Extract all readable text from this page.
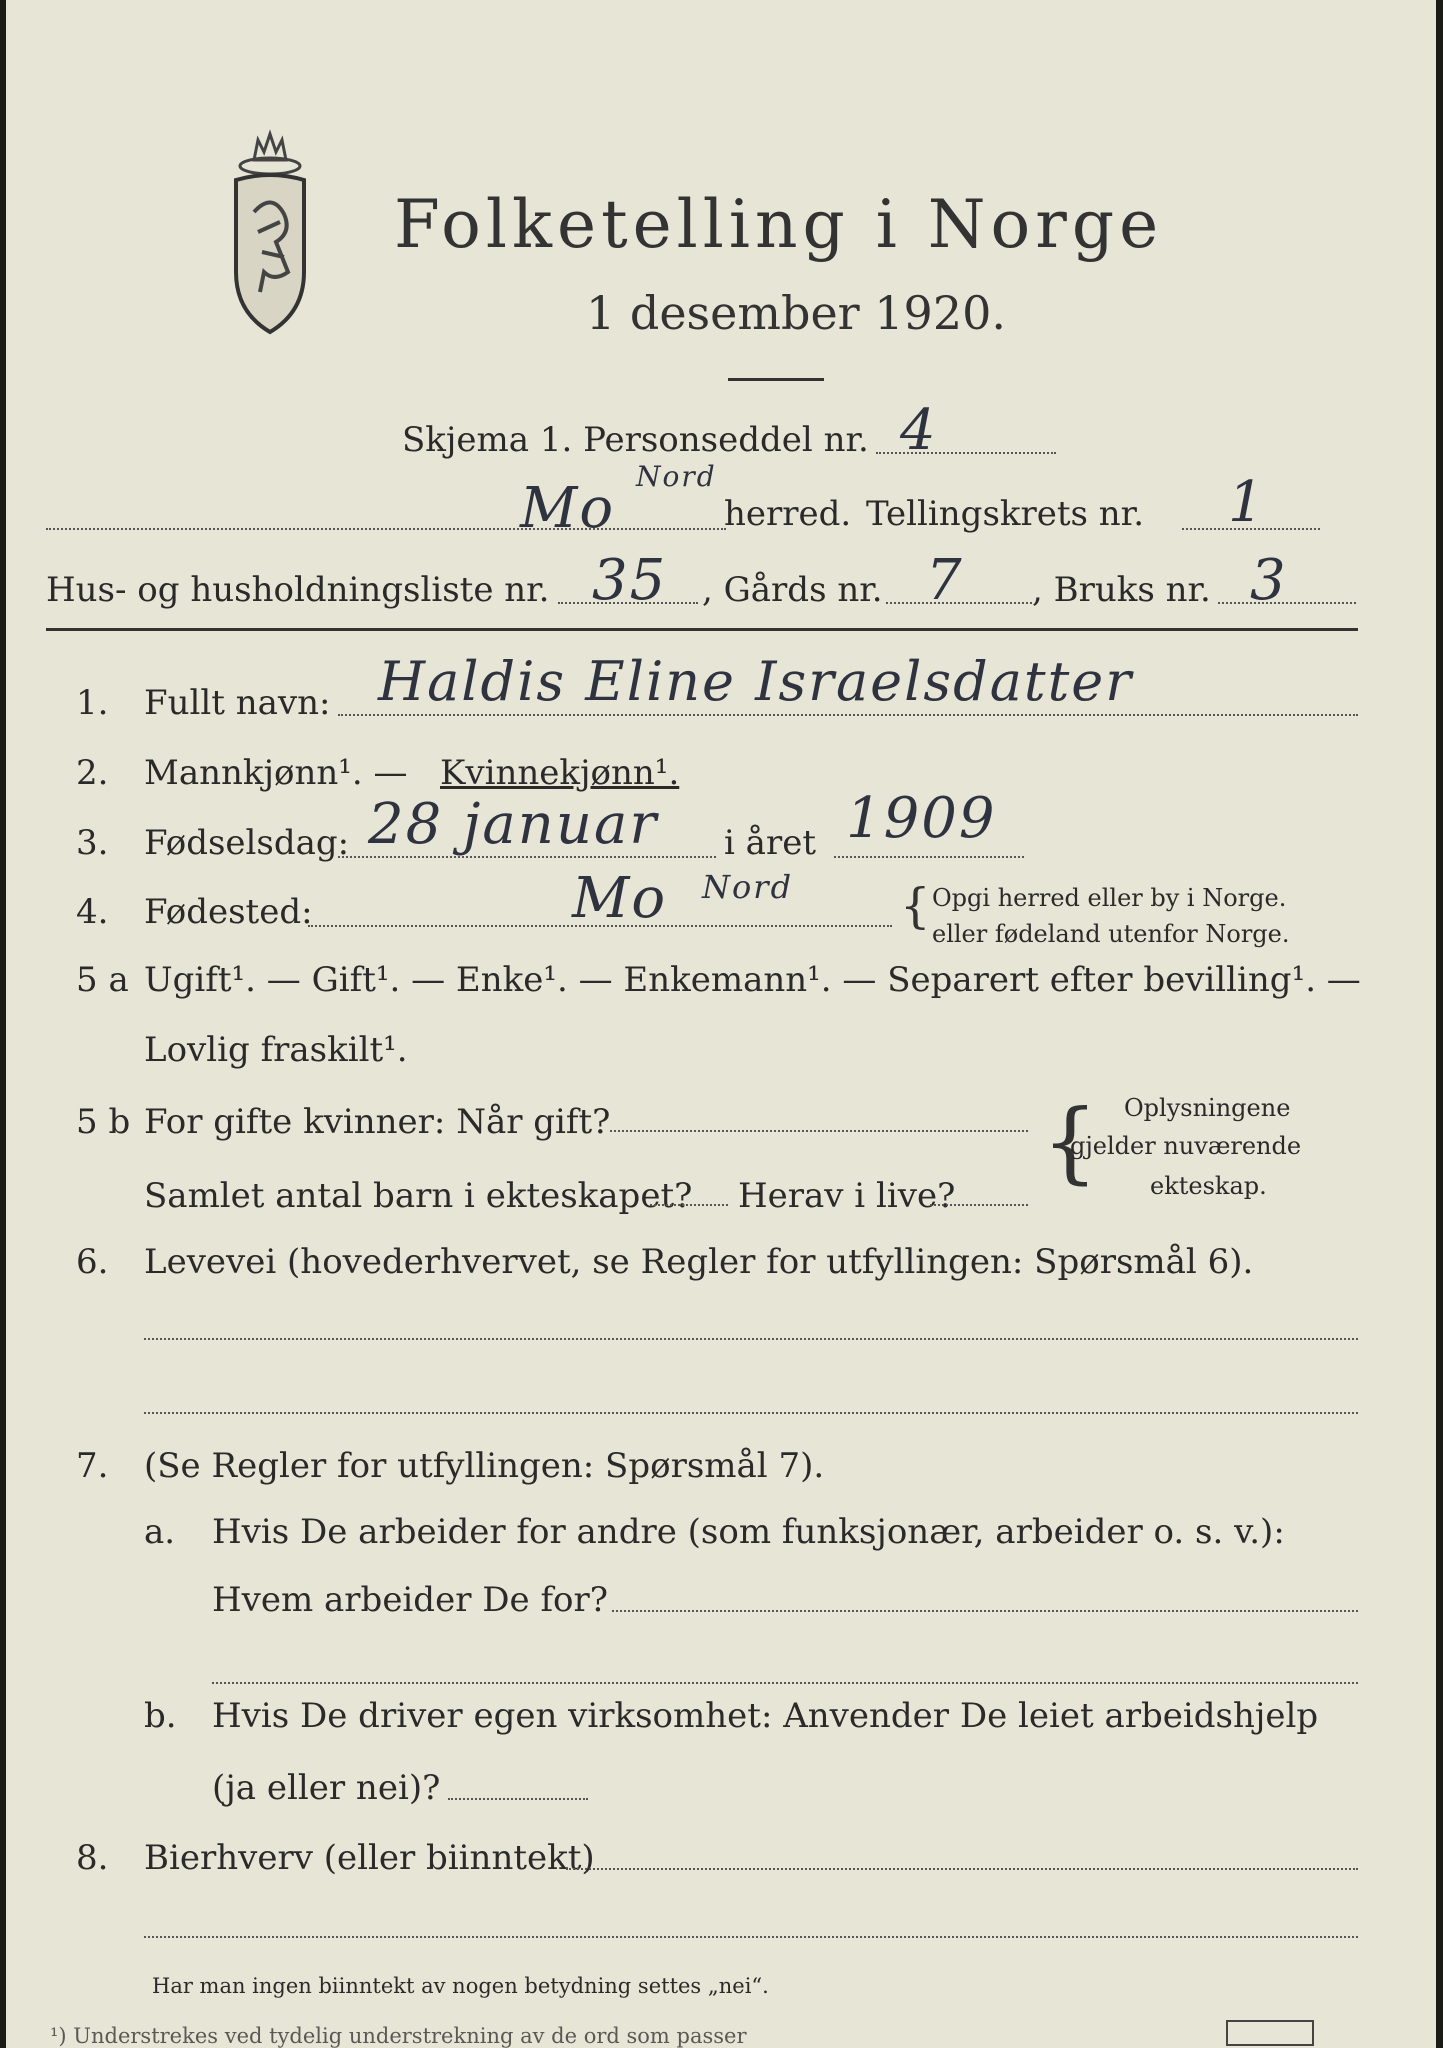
Folketelling i Norge
1 desember 1920.
Skjema 1. Personseddel nr. 4
Mo Nord
herred. Tellingskrets nr. 1
Hus- og husholdningsliste nr. 35 , Gårds nr. 7 , Bruks nr. 3
1. Fullt navn: Haldis Eline Israelsdatter
2. Mannkjønn¹. — Kvinnekjønn¹.
3. Fødselsdag: 28 januar i året 1909
4. Fødested:	Mo Nord { Opgi herred eller by i Norge.
eller fødeland utenfor Norge.
5 a Ugift¹. — Gift¹. — Enke¹. — Enkemann¹. — Separert efter bevilling¹. —
Lovlig fraskilt¹.
5 b For gifte kvinner: Når gift?
Samlet antal barn i ekteskapet? Herav i live?
{ Oplysningene
gjelder nuværende
ekteskap.
6. Levevei (hovederhvervet, se Regler for utfyllingen: Spørsmål 6).
7. (Se Regler for utfyllingen: Spørsmål 7).
a. Hvis De arbeider for andre (som funksjonær, arbeider o. s. v.):
Hvem arbeider De for?
b. Hvis De driver egen virksomhet: Anvender De leiet arbeidshjelp
(ja eller nei)?
8. Bierhverv (eller biinntekt)
Har man ingen biinntekt av nogen betydning settes „nei“.
¹) Understrekes ved tydelig understrekning av de ord som passer
